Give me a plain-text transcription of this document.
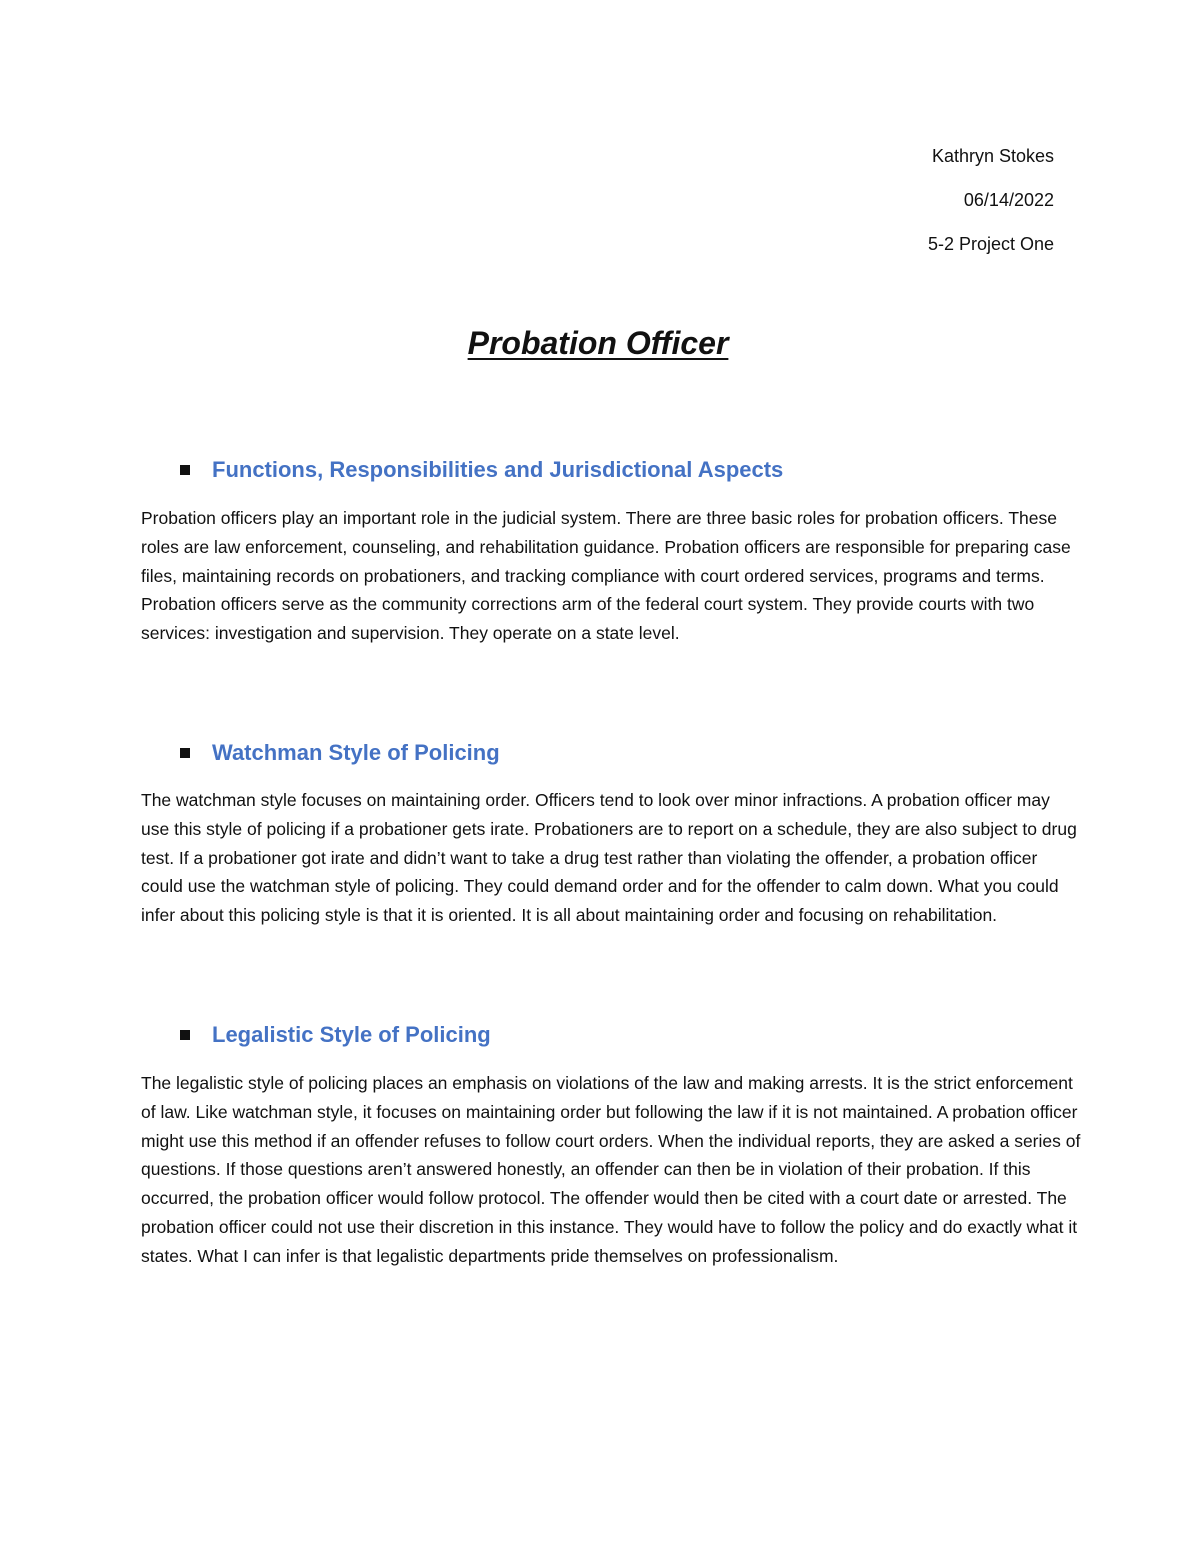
Kathryn Stokes
06/14/2022
5-2 Project One
Probation Officer
Functions, Responsibilities and Jurisdictional Aspects

Probation officers play an important role in the judicial system. There are three basic roles for probation officers. These roles are law enforcement, counseling, and rehabilitation guidance. Probation officers are responsible for preparing case files, maintaining records on probationers, and tracking compliance with court ordered services, programs and terms. Probation officers serve as the community corrections arm of the federal court system. They provide courts with two services: investigation and supervision. They operate on a state level.

Watchman Style of Policing

The watchman style focuses on maintaining order. Officers tend to look over minor infractions. A probation officer may use this style of policing if a probationer gets irate. Probationers are to report on a schedule, they are also subject to drug test. If a probationer got irate and didn’t want to take a drug test rather than violating the offender, a probation officer could use the watchman style of policing. They could demand order and for the offender to calm down. What you could infer about this policing style is that it is oriented. It is all about maintaining order and focusing on rehabilitation.

Legalistic Style of Policing

The legalistic style of policing places an emphasis on violations of the law and making arrests. It is the strict enforcement of law. Like watchman style, it focuses on maintaining order but following the law if it is not maintained. A probation officer might use this method if an offender refuses to follow court orders. When the individual reports, they are asked a series of questions. If those questions aren’t answered honestly, an offender can then be in violation of their probation. If this occurred, the probation officer would follow protocol. The offender would then be cited with a court date or arrested. The probation officer could not use their discretion in this instance. They would have to follow the policy and do exactly what it states. What I can infer is that legalistic departments pride themselves on professionalism.
